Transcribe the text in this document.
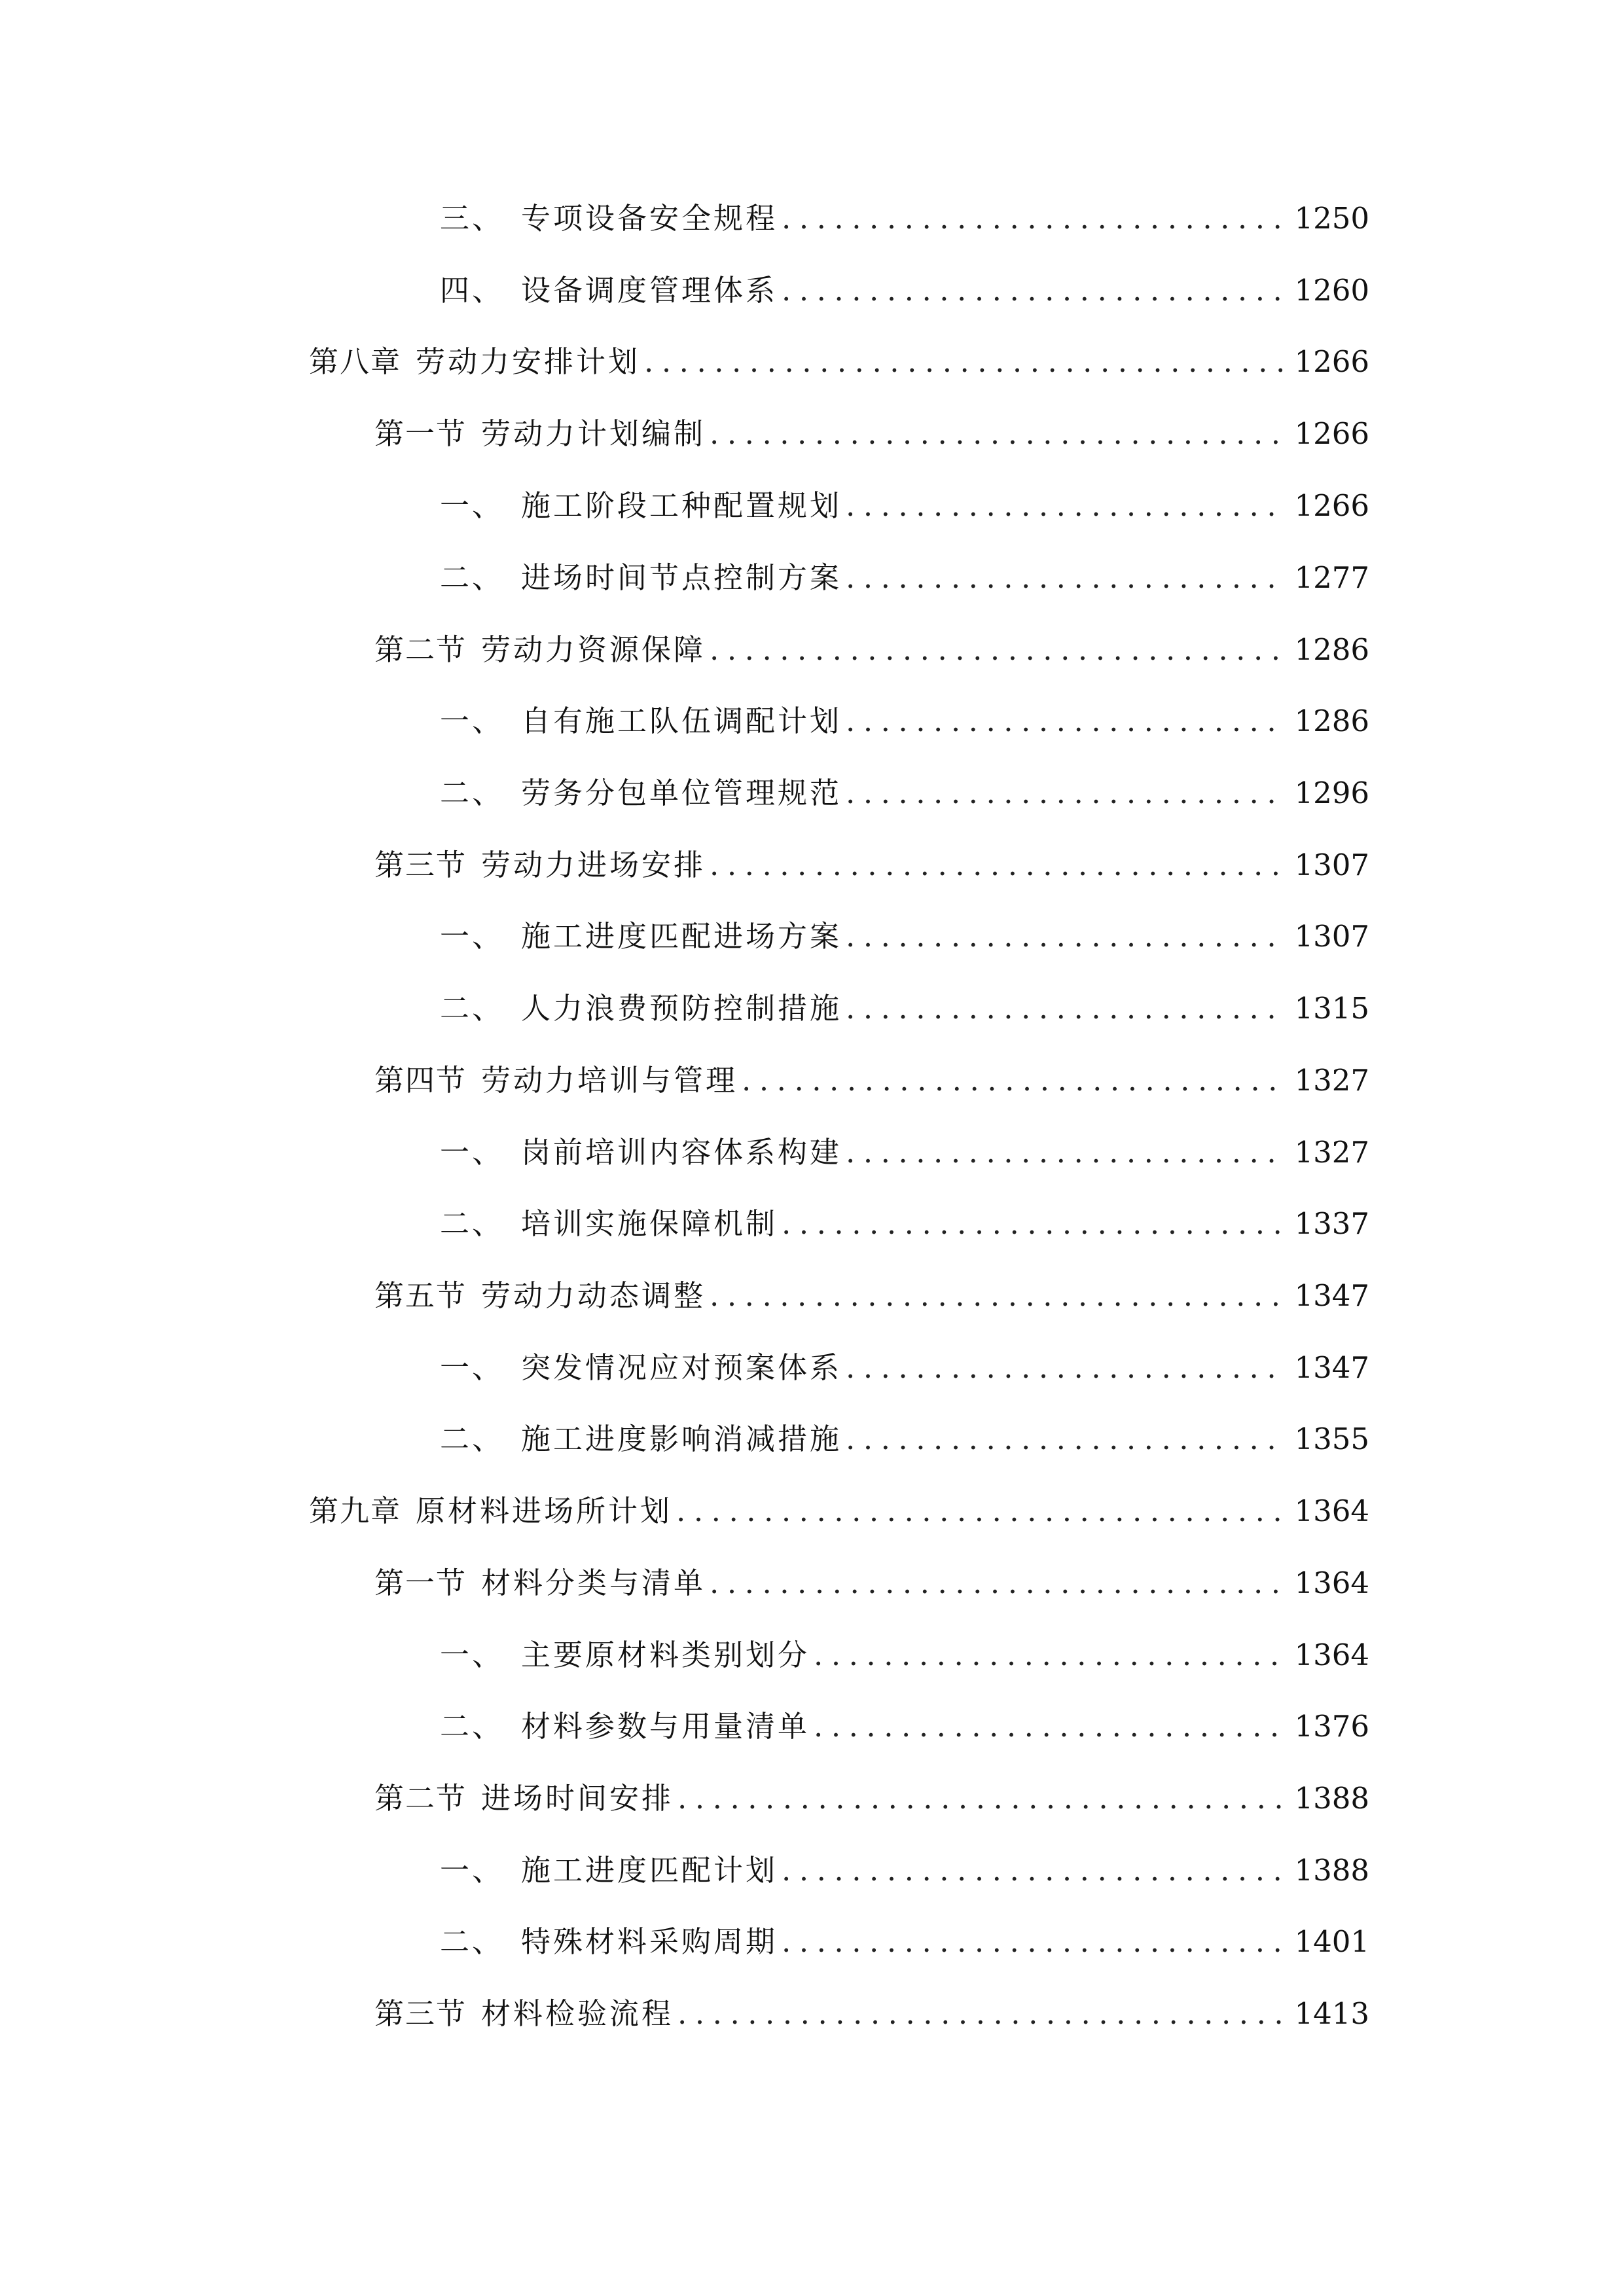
三、 专项设备安全规程 .....	1250
四、 设备调度管理体系 .....	1260
第八章 劳动力安排计划 .....	1266
第一节 劳动力计划编制 .....	1266
一、 施工阶段工种配置规划 .....	1266
二、 进场时间节点控制方案 .....	1277
第二节 劳动力资源保障 .....	1286
一、 自有施工队伍调配计划 .....	1286
二、 劳务分包单位管理规范 .....	1296
第三节 劳动力进场安排 .....	1307
一、 施工进度匹配进场方案 .....	1307
二、 人力浪费预防控制措施 .....	1315
第四节 劳动力培训与管理 .....	1327
一、 岗前培训内容体系构建 .....	1327
二、 培训实施保障机制 .....	1337
第五节 劳动力动态调整 .....	1347
一、 突发情况应对预案体系 .....	1347
二、 施工进度影响消减措施 .....	1355
第九章 原材料进场所计划 .....	1364
第一节 材料分类与清单 .....	1364
一、 主要原材料类别划分 .....	1364
二、 材料参数与用量清单 .....	1376
第二节 进场时间安排 .....	1388
一、 施工进度匹配计划 .....	1388
二、 特殊材料采购周期 .....	1401
第三节 材料检验流程 .....	1413
